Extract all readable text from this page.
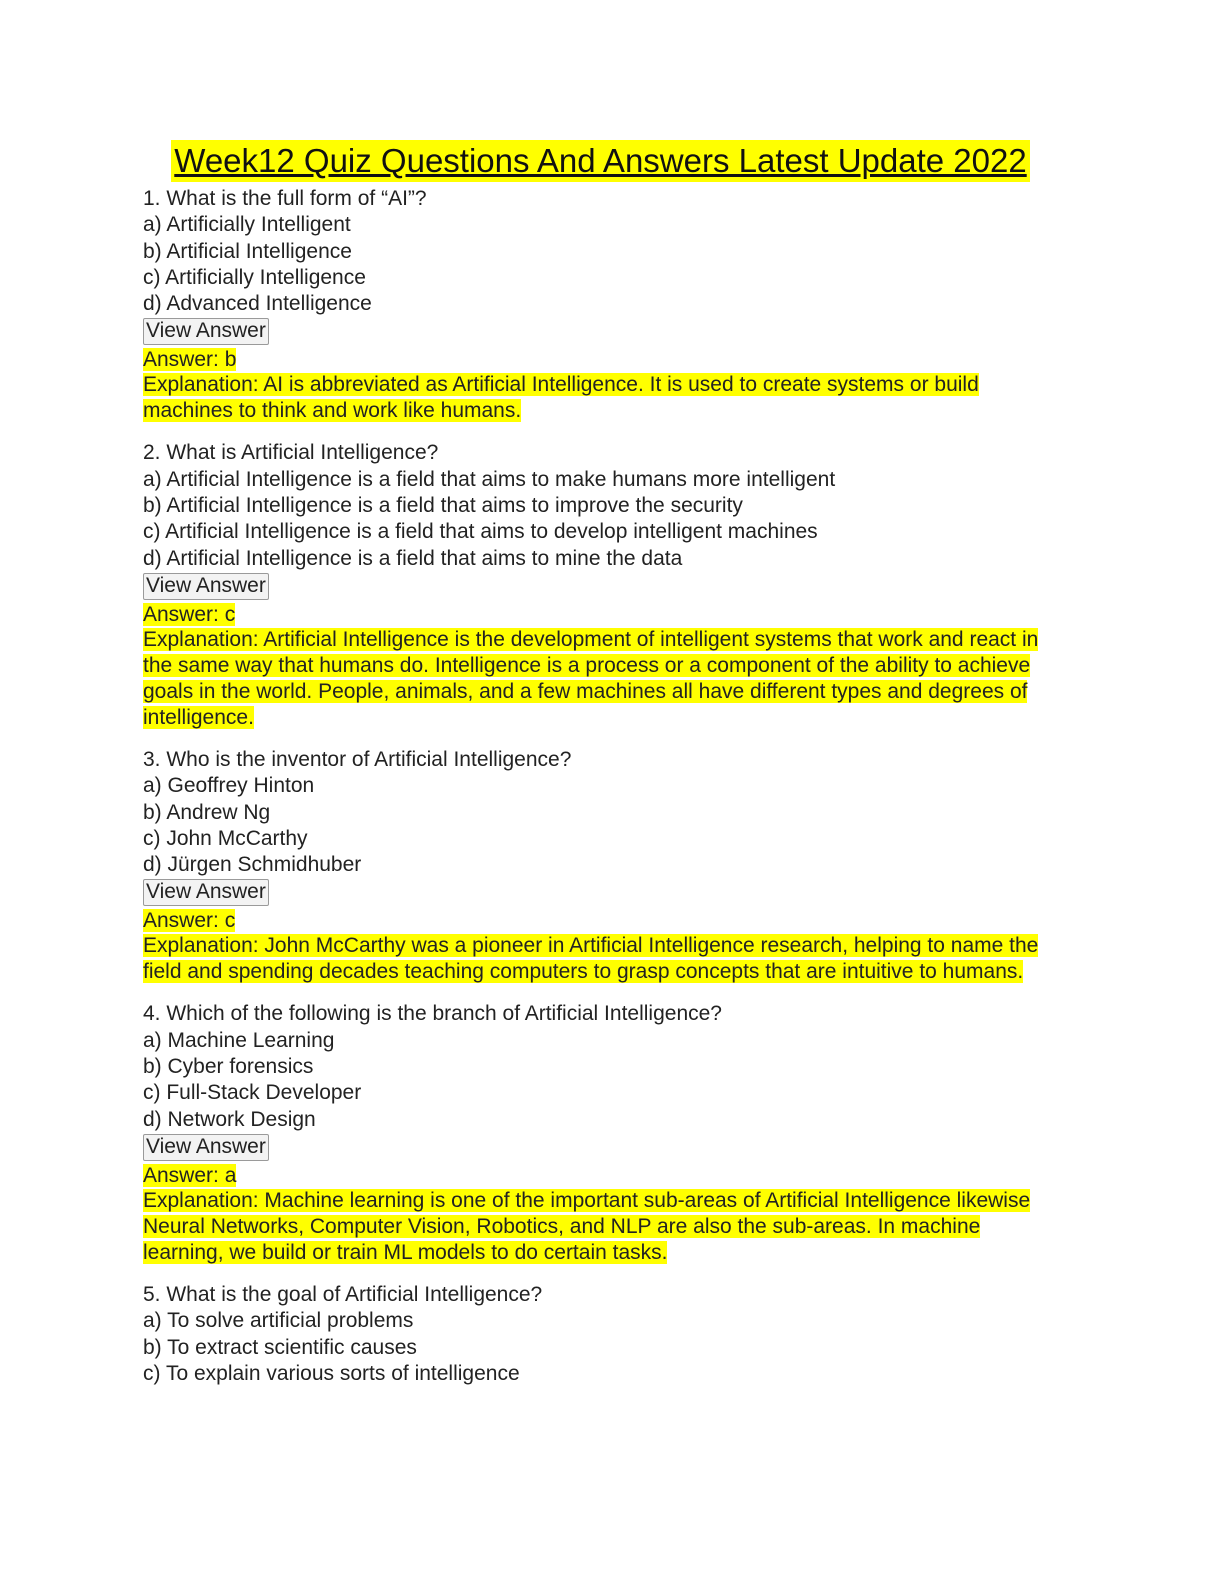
Week12 Quiz Questions And Answers Latest Update 2022
1. What is the full form of “AI”?
a) Artificially Intelligent
b) Artificial Intelligence
c) Artificially Intelligence
d) Advanced Intelligence
View Answer
Answer: b
Explanation: AI is abbreviated as Artificial Intelligence. It is used to create systems or build machines to think and work like humans.
2. What is Artificial Intelligence?
a) Artificial Intelligence is a field that aims to make humans more intelligent
b) Artificial Intelligence is a field that aims to improve the security
c) Artificial Intelligence is a field that aims to develop intelligent machines
d) Artificial Intelligence is a field that aims to mine the data
View Answer
Answer: c
Explanation: Artificial Intelligence is the development of intelligent systems that work and react in the same way that humans do. Intelligence is a process or a component of the ability to achieve goals in the world. People, animals, and a few machines all have different types and degrees of intelligence.
3. Who is the inventor of Artificial Intelligence?
a) Geoffrey Hinton
b) Andrew Ng
c) John McCarthy
d) Jürgen Schmidhuber
View Answer
Answer: c
Explanation: John McCarthy was a pioneer in Artificial Intelligence research, helping to name the field and spending decades teaching computers to grasp concepts that are intuitive to humans.
4. Which of the following is the branch of Artificial Intelligence?
a) Machine Learning
b) Cyber forensics
c) Full-Stack Developer
d) Network Design
View Answer
Answer: a
Explanation: Machine learning is one of the important sub-areas of Artificial Intelligence likewise Neural Networks, Computer Vision, Robotics, and NLP are also the sub-areas. In machine learning, we build or train ML models to do certain tasks.
5. What is the goal of Artificial Intelligence?
a) To solve artificial problems
b) To extract scientific causes
c) To explain various sorts of intelligence
